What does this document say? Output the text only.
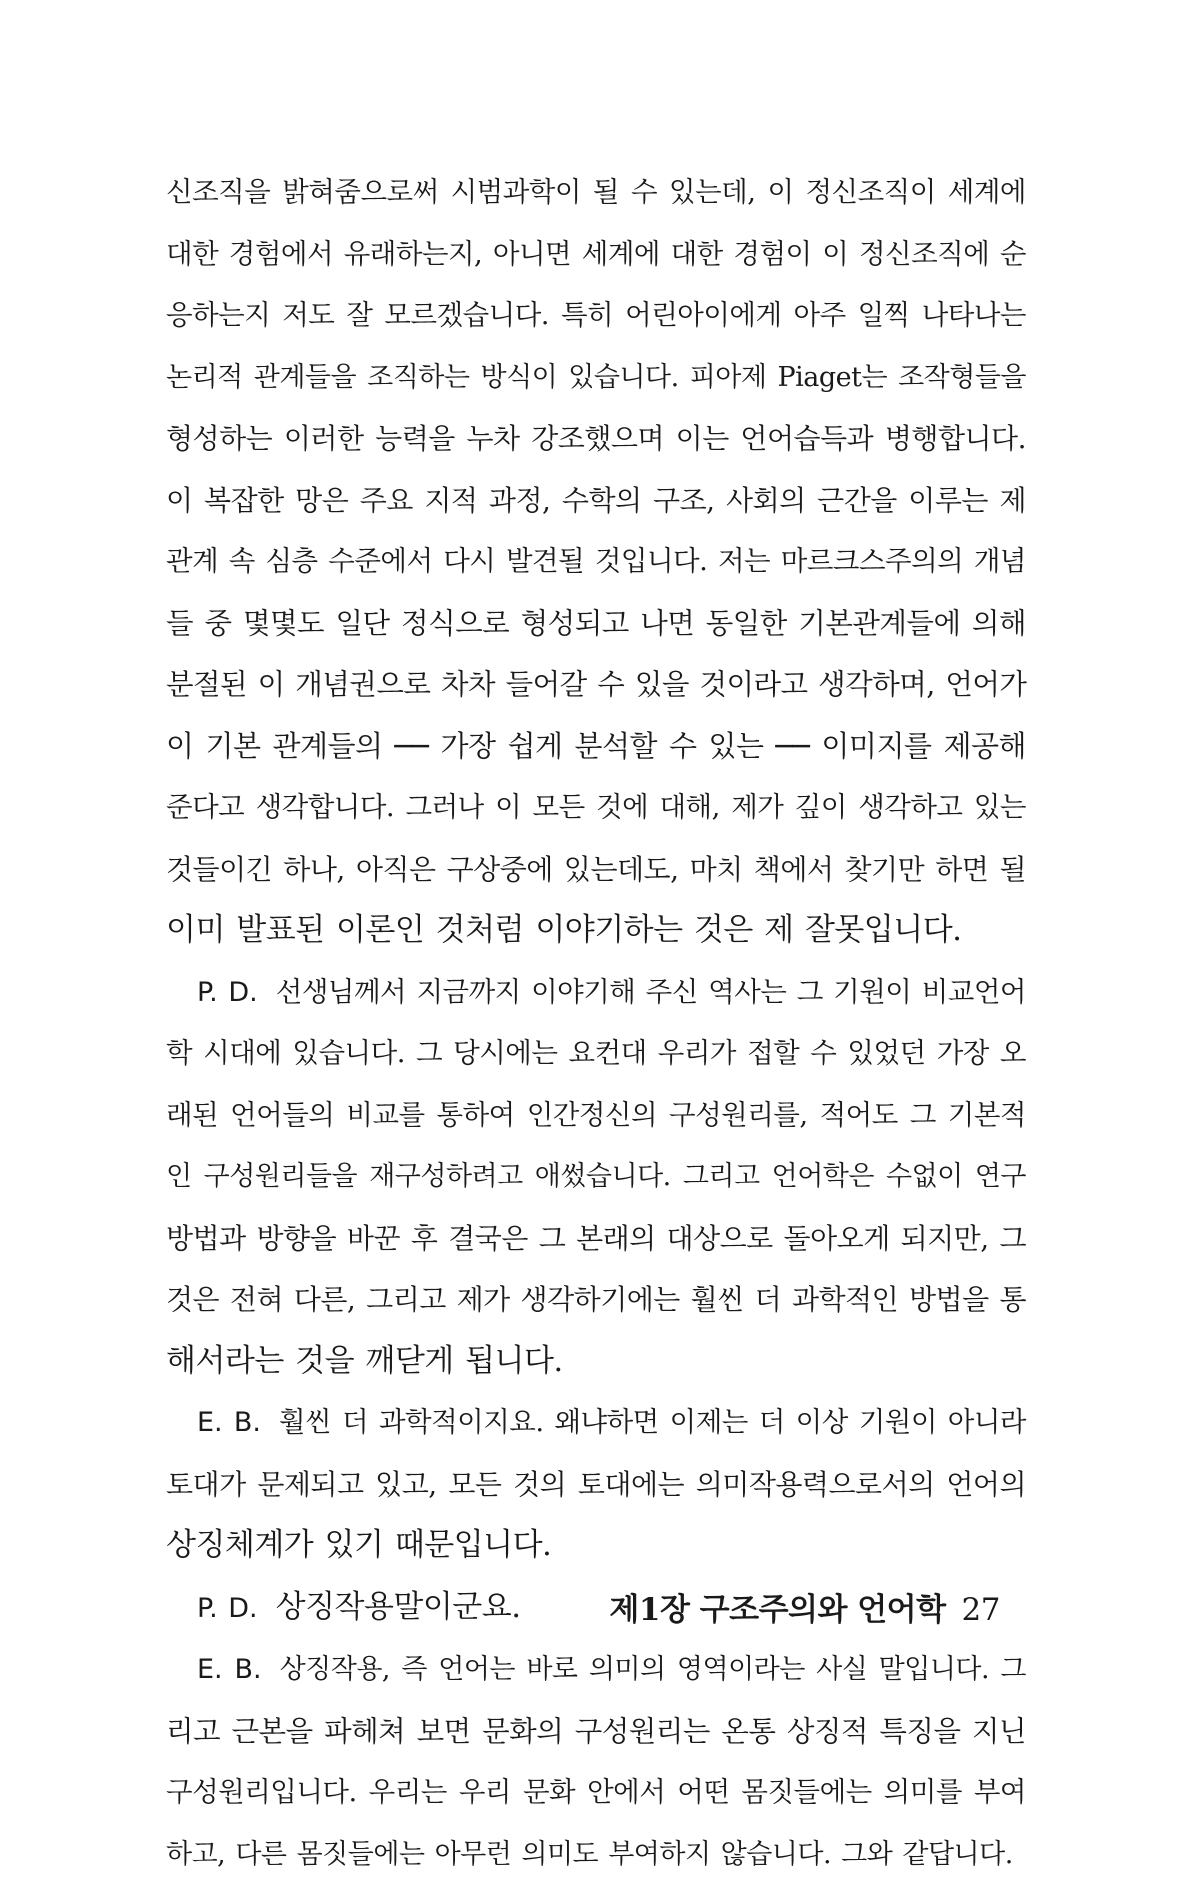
신조직을 밝혀줌으로써 시범과학이 될 수 있는데, 이 정신조직이 세계에
대한 경험에서 유래하는지, 아니면 세계에 대한 경험이 이 정신조직에 순
응하는지 저도 잘 모르겠습니다. 특히 어린아이에게 아주 일찍 나타나는
논리적 관계들을 조직하는 방식이 있습니다. 피아제 Piaget는 조작형들을
형성하는 이러한 능력을 누차 강조했으며 이는 언어습득과 병행합니다.
이 복잡한 망은 주요 지적 과정, 수학의 구조, 사회의 근간을 이루는 제
관계 속 심층 수준에서 다시 발견될 것입니다. 저는 마르크스주의의 개념
들 중 몇몇도 일단 정식으로 형성되고 나면 동일한 기본관계들에 의해
분절된 이 개념권으로 차차 들어갈 수 있을 것이라고 생각하며, 언어가
이 기본 관계들의 ── 가장 쉽게 분석할 수 있는 ── 이미지를 제공해
준다고 생각합니다. 그러나 이 모든 것에 대해, 제가 깊이 생각하고 있는
것들이긴 하나, 아직은 구상중에 있는데도, 마치 책에서 찾기만 하면 될
이미 발표된 이론인 것처럼 이야기하는 것은 제 잘못입니다.
P. D. 선생님께서 지금까지 이야기해 주신 역사는 그 기원이 비교언어
학 시대에 있습니다. 그 당시에는 요컨대 우리가 접할 수 있었던 가장 오
래된 언어들의 비교를 통하여 인간정신의 구성원리를, 적어도 그 기본적
인 구성원리들을 재구성하려고 애썼습니다. 그리고 언어학은 수없이 연구
방법과 방향을 바꾼 후 결국은 그 본래의 대상으로 돌아오게 되지만, 그
것은 전혀 다른, 그리고 제가 생각하기에는 훨씬 더 과학적인 방법을 통
해서라는 것을 깨닫게 됩니다.
E. B. 훨씬 더 과학적이지요. 왜냐하면 이제는 더 이상 기원이 아니라
토대가 문제되고 있고, 모든 것의 토대에는 의미작용력으로서의 언어의
상징체계가 있기 때문입니다.
P. D. 상징작용말이군요.
E. B. 상징작용, 즉 언어는 바로 의미의 영역이라는 사실 말입니다. 그
리고 근본을 파헤쳐 보면 문화의 구성원리는 온통 상징적 특징을 지닌
구성원리입니다. 우리는 우리 문화 안에서 어떤 몸짓들에는 의미를 부여
하고, 다른 몸짓들에는 아무런 의미도 부여하지 않습니다. 그와 같답니다.
제1장 구조주의와 언어학 27
